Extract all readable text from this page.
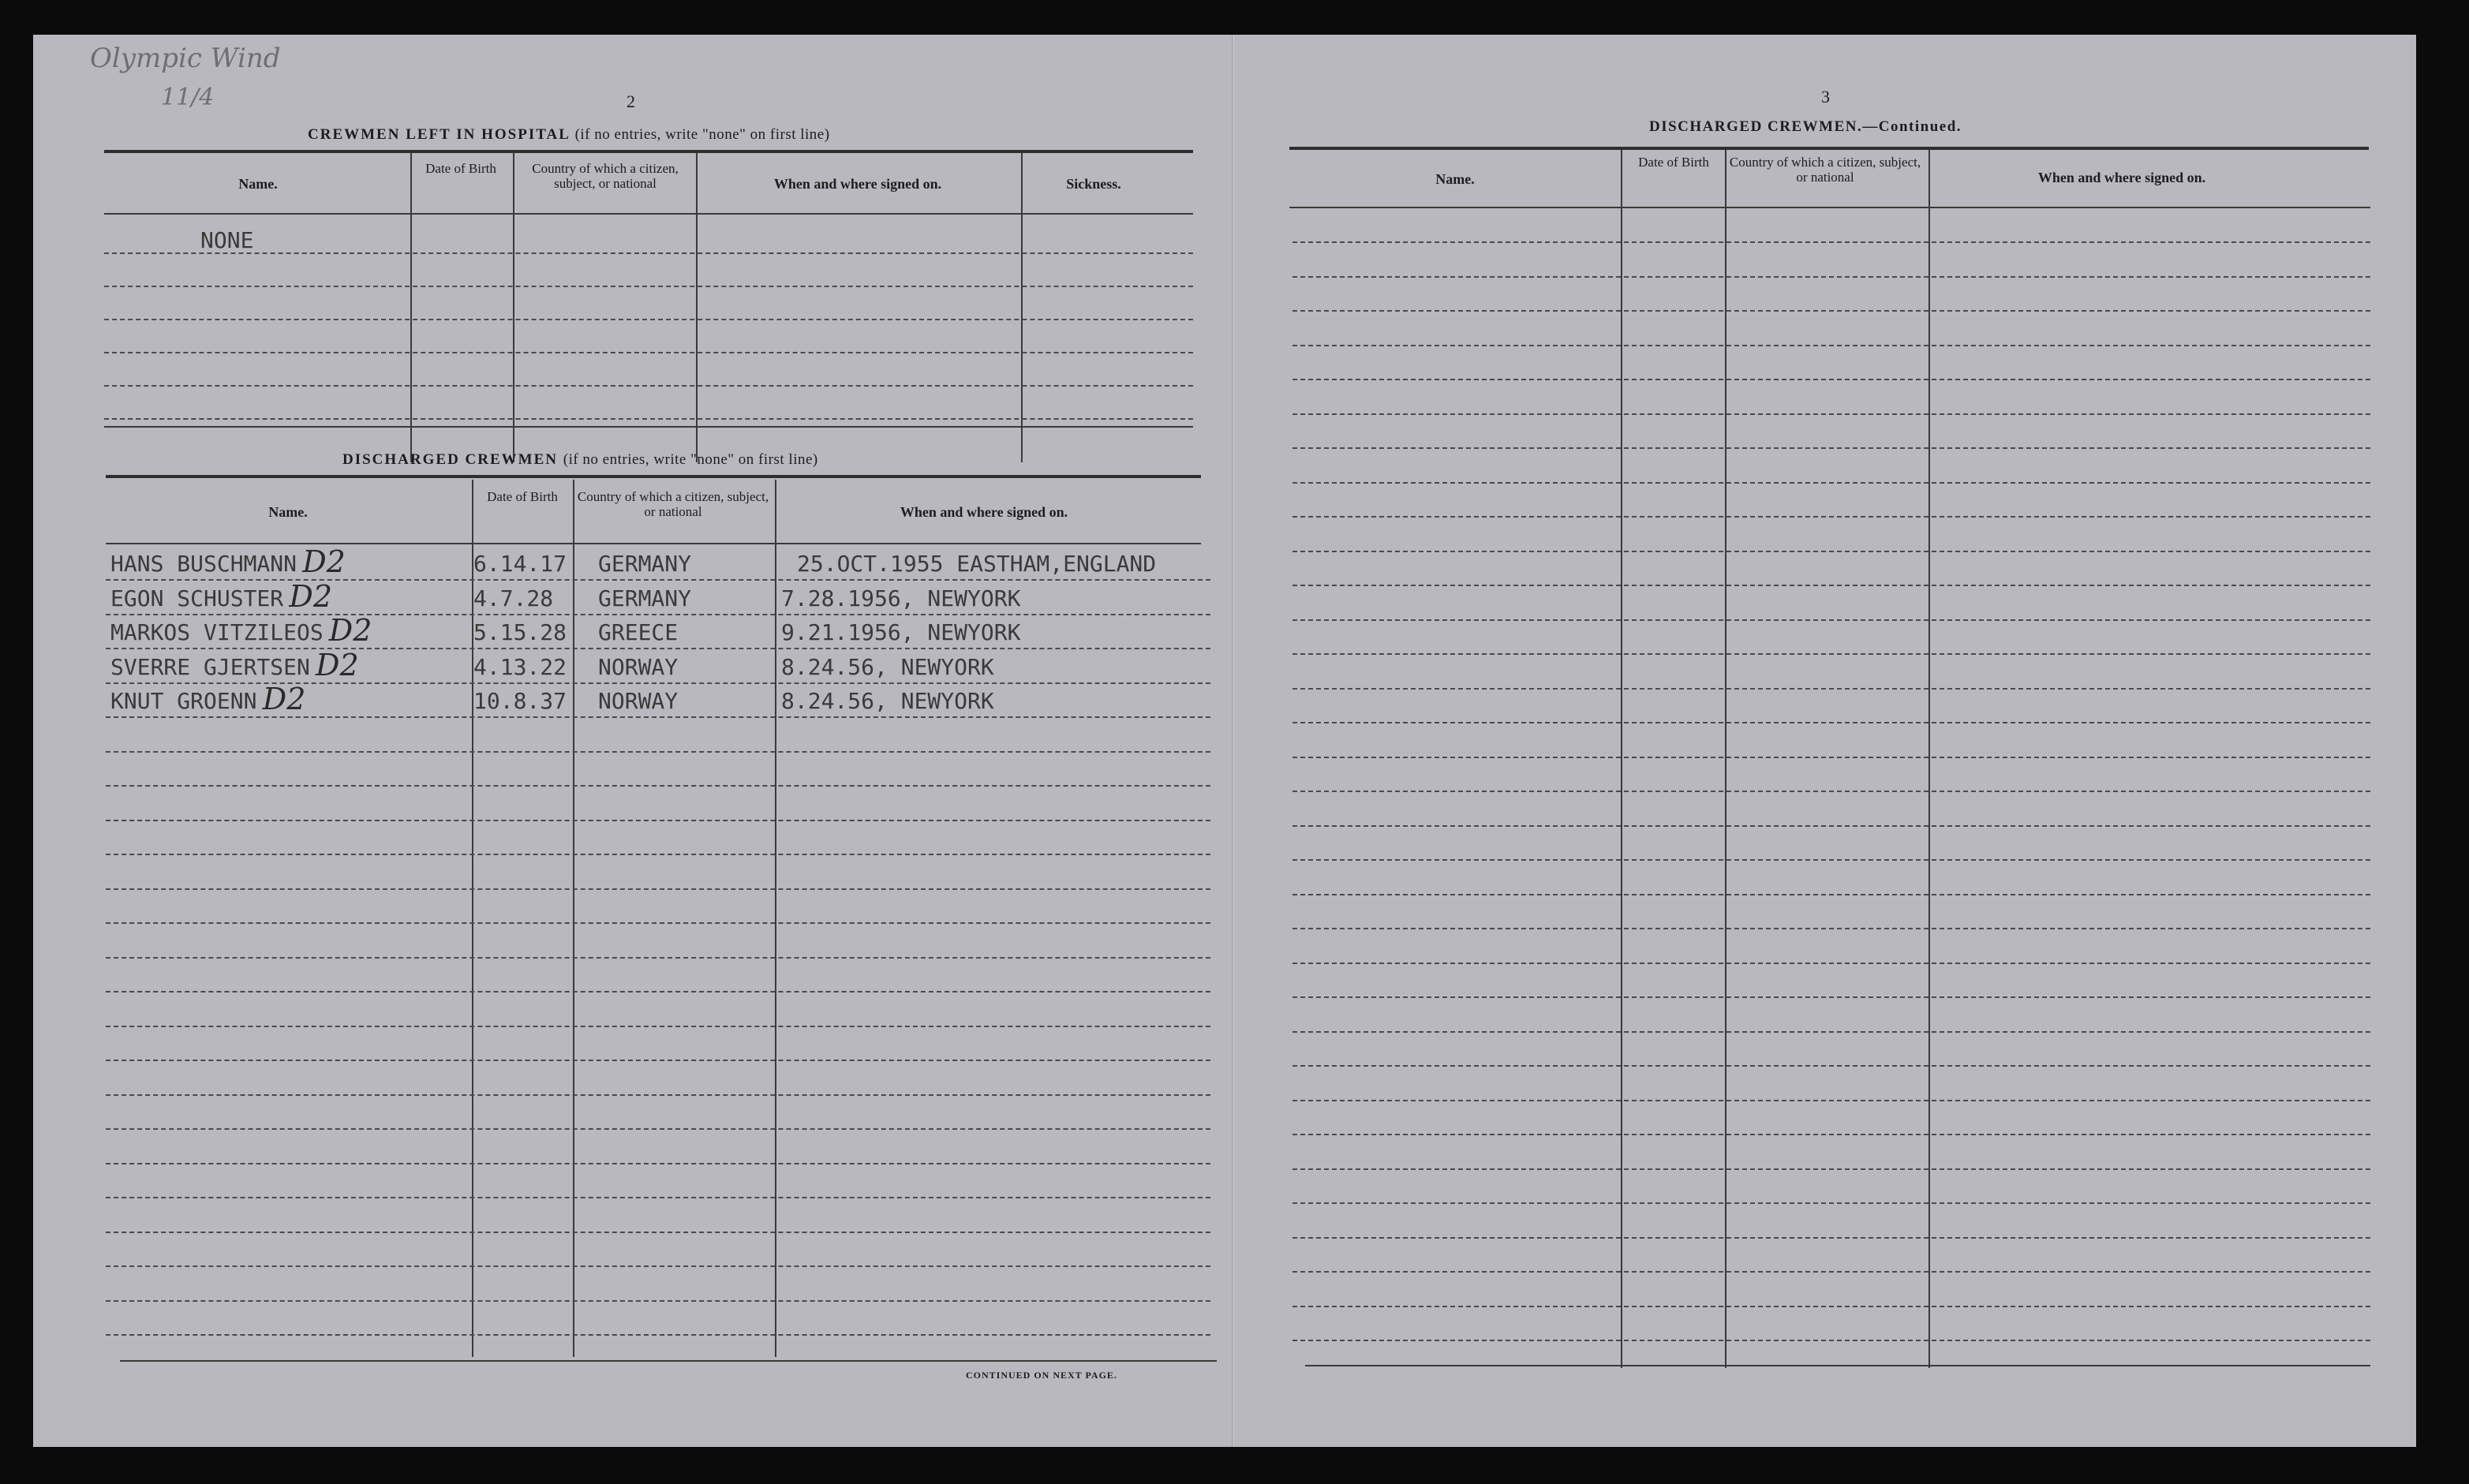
Olympic Wind
11/4	2
CREWMEN LEFT IN HOSPITAL (if no entries, write "none" on first line)
Name.
Date of Birth	Country of which a citizen, subject, or national	When and where signed on.	Sickness.
NONE
DISCHARGED CREWMEN (if no entries, write "none" on first line)
Name.
Date of Birth	Country of which a citizen, subject, or national	When and where signed on.
HANS BUSCHMANN D2	6.14.17 GERMANY	25.OCT.1955 EASTHAM,ENGLAND
EGON SCHUSTER D2	4.7.28 GERMANY	7.28.1956, NEWYORK
MARKOS VITZILEOS D2	5.15.28 GREECE	9.21.1956, NEWYORK
SVERRE GJERTSEN D2	4.13.22 NORWAY	8.24.56, NEWYORK
KNUT GROENN D2	10.8.37 NORWAY	8.24.56, NEWYORK
CONTINUED ON NEXT PAGE.
3
DISCHARGED CREWMEN.—Continued.
Name.
Date of Birth	Country of which a citizen, subject, or national	When and where signed on.
